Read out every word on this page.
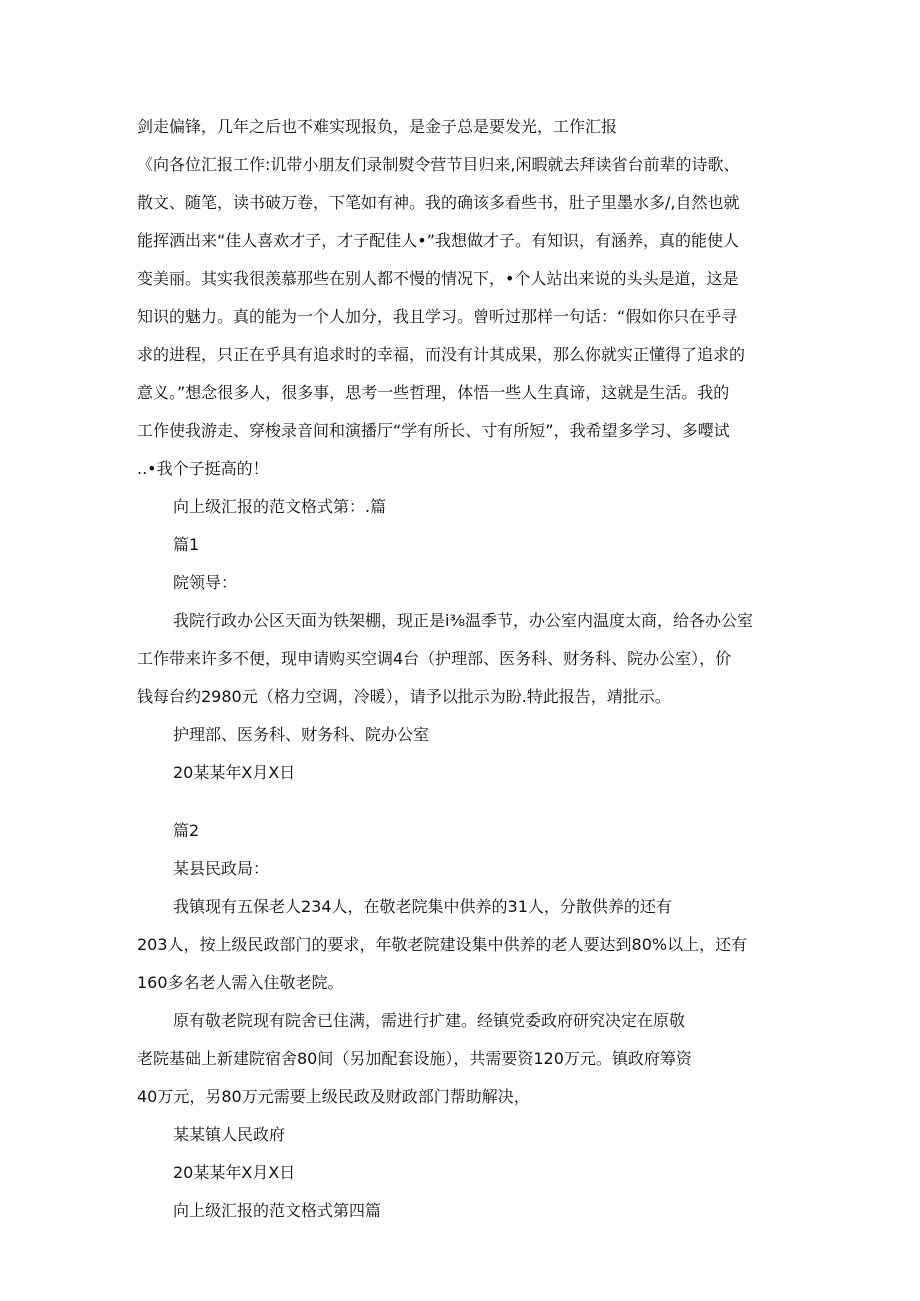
剑走偏锋，几年之后也不难实现报负，是金子总是要发光，工作汇报
《向各位汇报工作:讥带小朋友们录制熨令营节目归来,闲暇就去拜读省台前辈的诗歌、
散文、随笔，读书破万卷，下笔如有神。我的确该多看些书，肚子里墨水多/,自然也就
能挥洒出来“佳人喜欢才子，才子配佳人•”我想做才子。有知识，有涵养，真的能使人
变美丽。其实我很羡慕那些在别人都不慢的情况下，•个人站出来说的头头是道，这是
知识的魅力。真的能为一个人加分，我且学习。曾听过那样一句话：“假如你只在乎寻
求的进程，只正在乎具有追求时的幸福，而没有计其成果，那么你就实正懂得了追求的
意义。”想念很多人，很多事，思考一些哲理，体悟一些人生真谛，这就是生活。我的
工作使我游走、穿梭录音间和演播厅“学有所长、寸有所短”，我希望多学习、多嘤试
..•我个子挺高的！
向上级汇报的范文格式第：.篇
篇1
院领导：
我院行政办公区天面为铁架棚，现正是i⅜温季节，办公室内温度太商，给各办公室
工作带来许多不便，现申请购买空调4台（护理部、医务科、财务科、院办公室），价
钱每台约2980元（格力空调，冷暖），请予以批示为盼.特此报告，靖批示。
护理部、医务科、财务科、院办公室
20某某年X月X日
篇2
某县民政局：
我镇现有五保老人234人，在敬老院集中供养的31人，分散供养的还有
203人，按上级民政部门的要求，年敬老院建设集中供养的老人要达到80%以上，还有
160多名老人需入住敬老院。
原有敬老院现有院舍已住满，需进行扩建。经镇党委政府研究决定在原敬
老院基础上新建院宿舍80间（另加配套设施），共需要资120万元。镇政府筹资
40万元，另80万元需要上级民政及财政部门帮助解决，
某某镇人民政府
20某某年X月X日
向上级汇报的范文格式第四篇
